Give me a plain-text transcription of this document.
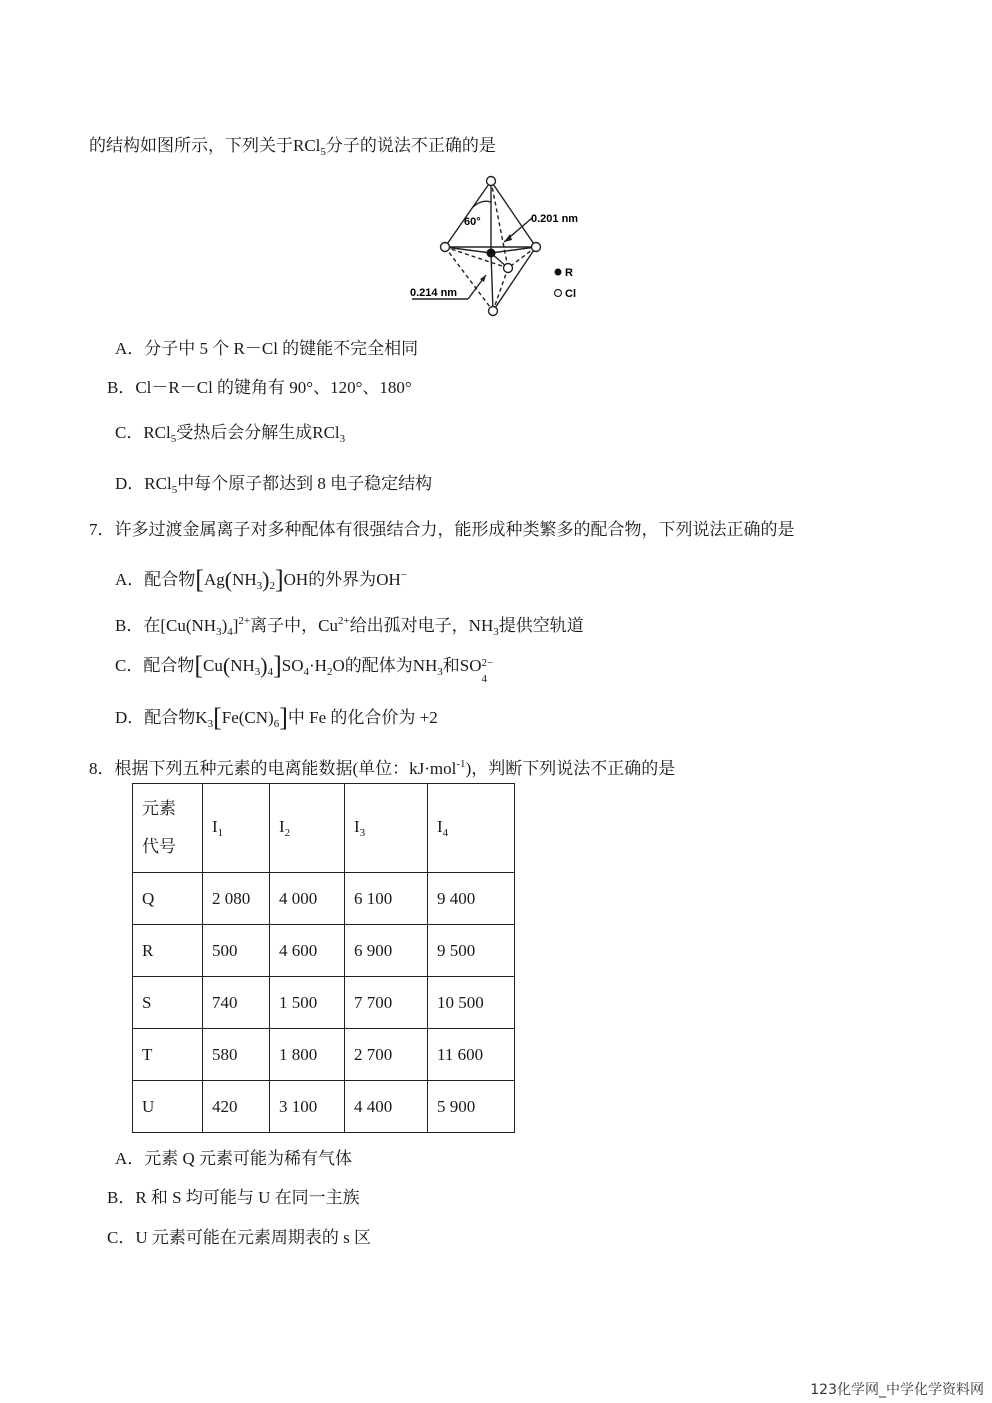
的结构如图所示，下列关于RCl$_5$分子的说法不正确的是
60°	0.201 nm
0.214 nm
R
Cl
A．分子中 5 个 R－Cl 的键能不完全相同
B．Cl－R－Cl 的键角有 90°、120°、180°
C．RCl$_5$受热后会分解生成RCl$_3$
D．RCl$_5$中每个原子都达到 8 电子稳定结构
7．许多过渡金属离子对多种配体有很强结合力，能形成种类繁多的配合物，下列说法正确的是
A．配合物$[Ag(NH_3)_2]OH$的外界为OH−
B．在$[Cu(NH_3)_4]^{2+}$离子中，$Cu^{2+}$给出孤对电子，$NH_3$提供空轨道
C．配合物$[Cu(NH_3)_4]SO_4\cdot H_2O$的配体为$NH_3$和SO
4
2−
D．配合物$K_3[Fe(CN)_6]$中 Fe 的化合价为 +2
8．根据下列五种元素的电离能数据(单位：kJ·mol$^{-1}$)，判断下列说法不正确的是
元素
代号	$I_1$	$I_2$	$I_3$	$I_4$
Q	2 080	4 000	6 100	9 400
R	500	4 600	6 900	9 500
S	740	1 500	7 700	10 500
T	580	1 800	2 700	11 600
U	420	3 100	4 400	5 900
A．元素 Q 元素可能为稀有气体
B．R 和 S 均可能与 U 在同一主族
C．U 元素可能在元素周期表的 s 区
123化学网_中学化学资料网
